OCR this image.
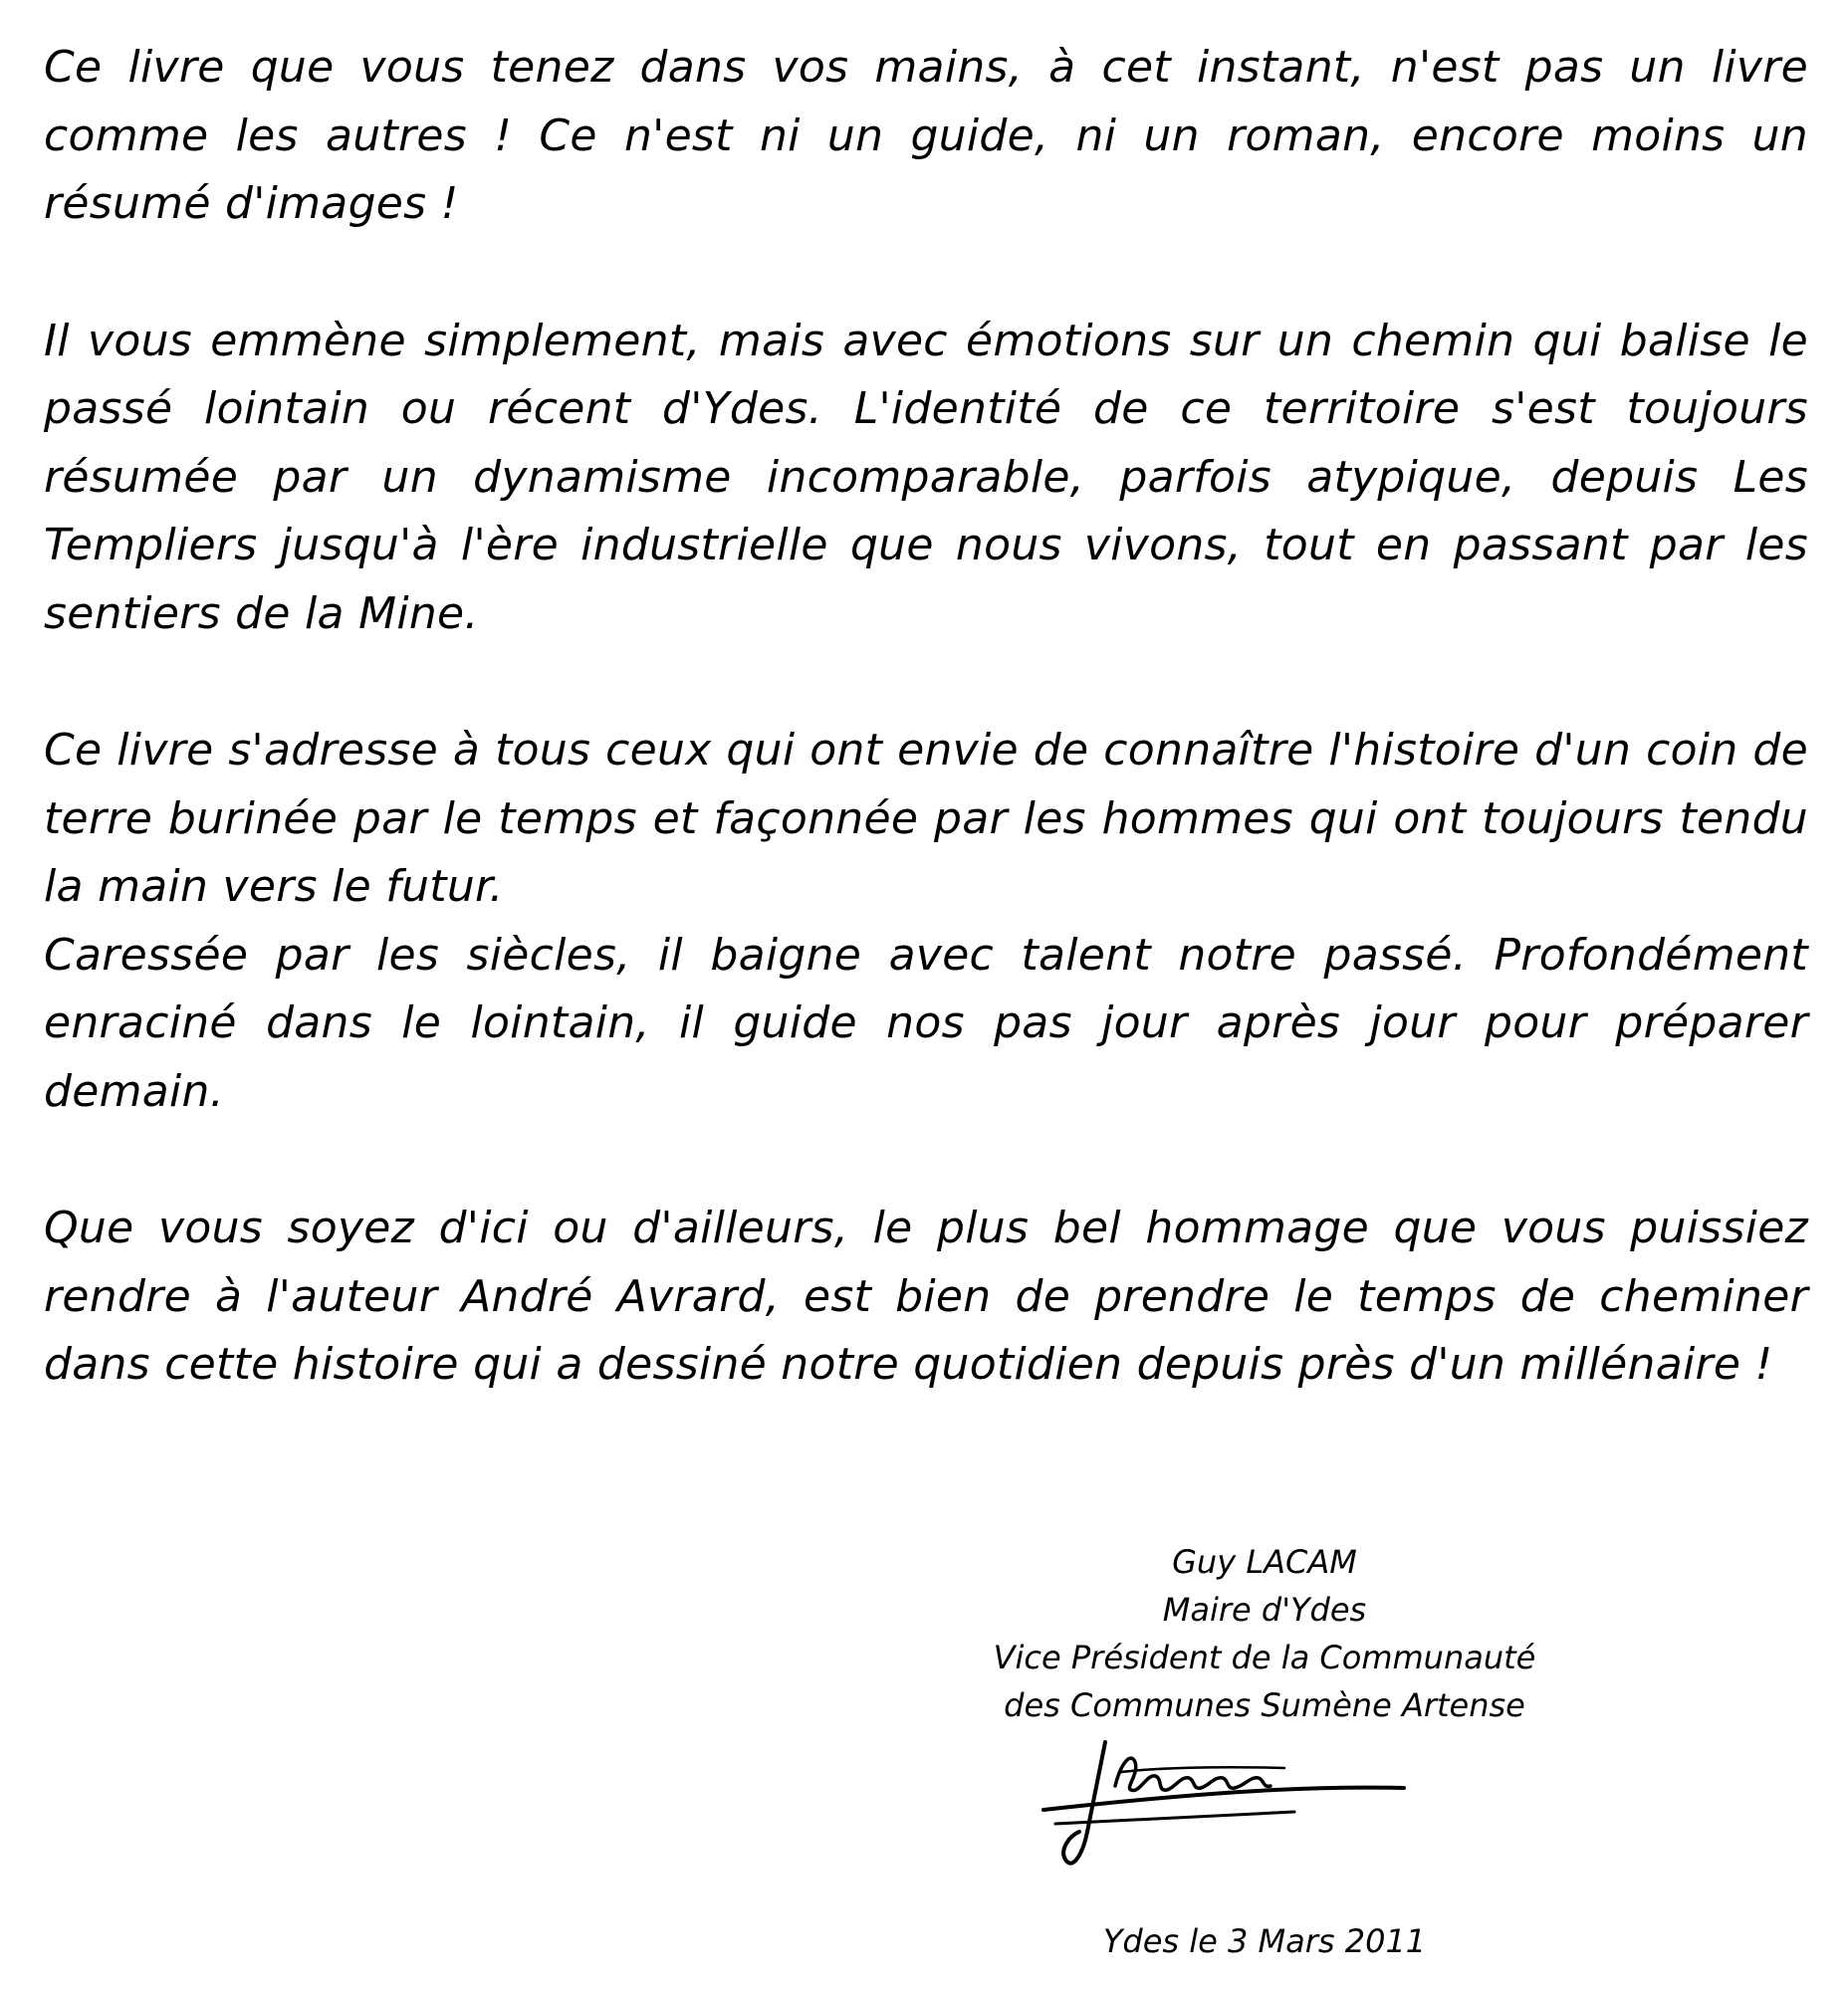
Ce livre que vous tenez dans vos mains, à cet instant, n'est pas un livre comme les autres ! Ce n'est ni un guide, ni un roman, encore moins un résumé d'images !

Il vous emmène simplement, mais avec émotions sur un chemin qui balise le passé lointain ou récent d'Ydes. L'identité de ce territoire s'est toujours résumée par un dynamisme incomparable, parfois atypique, depuis Les Templiers jusqu'à l'ère industrielle que nous vivons, tout en passant par les sentiers de la Mine.

Ce livre s'adresse à tous ceux qui ont envie de connaître l'histoire d'un coin de terre burinée par le temps et façonnée par les hommes qui ont toujours tendu la main vers le futur.

Caressée par les siècles, il baigne avec talent notre passé. Profondément enraciné dans le lointain, il guide nos pas jour après jour pour préparer demain.

Que vous soyez d'ici ou d'ailleurs, le plus bel hommage que vous puissiez rendre à l'auteur André Avrard, est bien de prendre le temps de cheminer dans cette histoire qui a dessiné notre quotidien depuis près d'un millénaire !

Guy LACAM
Maire d'Ydes
Vice Président de la Communauté
des Communes Sumène Artense
Ydes le 3 Mars 2011
